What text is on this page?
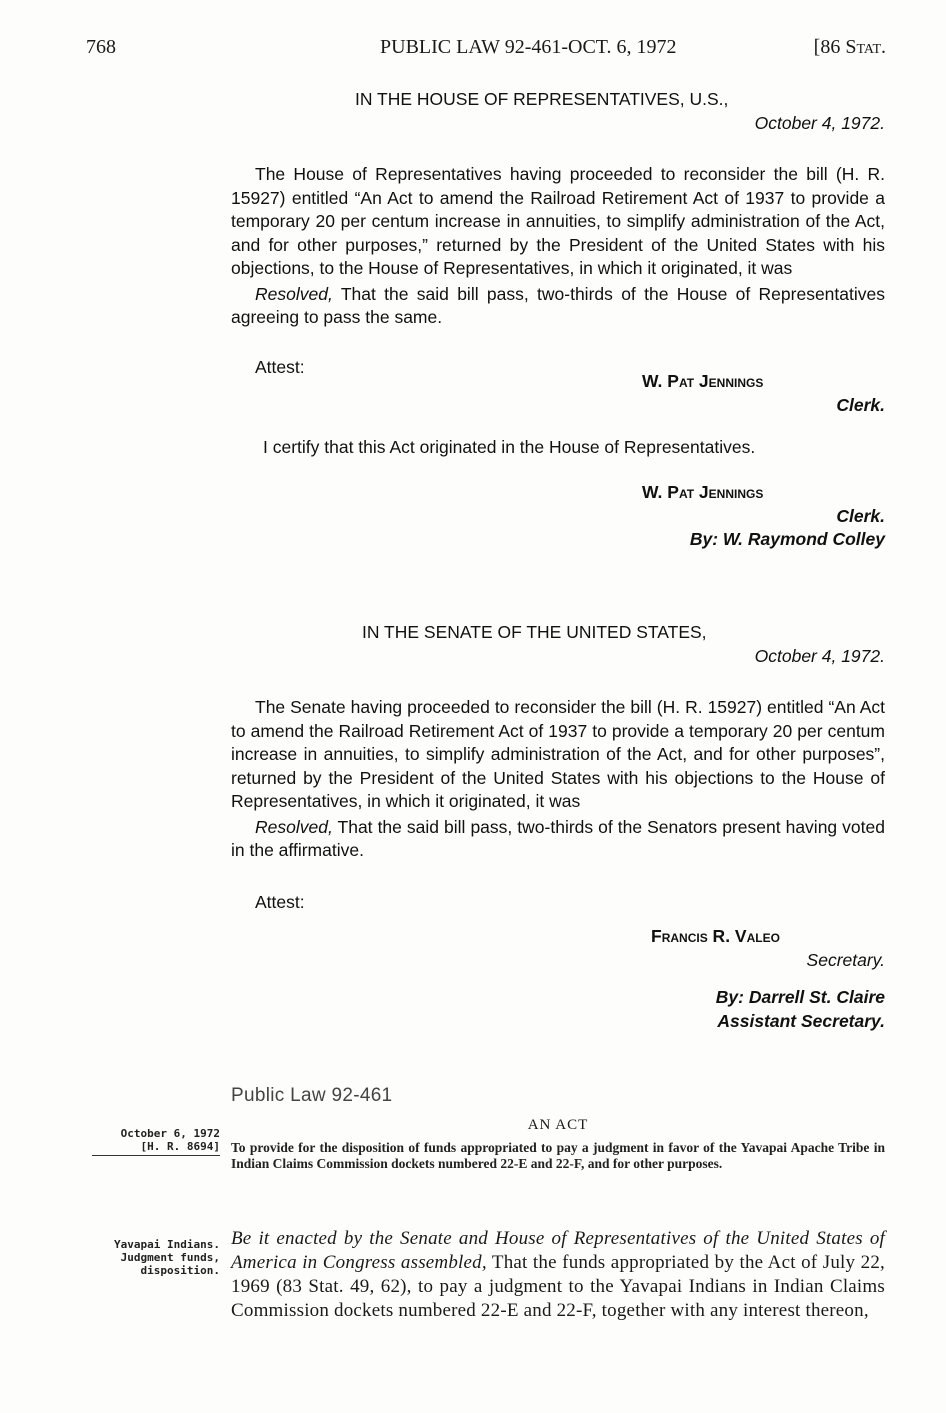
768	PUBLIC LAW 92-461-OCT. 6, 1972	[86 Stat.
IN THE HOUSE OF REPRESENTATIVES, U.S.,
October 4, 1972.

The House of Representatives having proceeded to reconsider the bill (H. R. 15927) entitled “An Act to amend the Railroad Retirement Act of 1937 to provide a temporary 20 per centum increase in annuities, to simplify administration of the Act, and for other purposes,” returned by the President of the United States with his objections, to the House of Representatives, in which it originated, it was

Resolved, That the said bill pass, two-thirds of the House of Representatives agreeing to pass the same.

Attest:
W. Pat Jennings
Clerk.
I certify that this Act originated in the House of Representatives.
W. Pat Jennings
Clerk.
By: W. Raymond Colley
IN THE SENATE OF THE UNITED STATES,
October 4, 1972.

The Senate having proceeded to reconsider the bill (H. R. 15927) entitled “An Act to amend the Railroad Retirement Act of 1937 to provide a temporary 20 per centum increase in annuities, to simplify administration of the Act, and for other purposes”, returned by the President of the United States with his objections to the House of Representatives, in which it originated, it was

Resolved, That the said bill pass, two-thirds of the Senators present having voted in the affirmative.

Attest:
Francis R. Valeo
Secretary.
By: Darrell St. Claire
Assistant Secretary.
Public Law 92-461
October 6, 1972
[H. R. 8694]
AN ACT
To provide for the disposition of funds appropriated to pay a judgment in favor of the Yavapai Apache Tribe in Indian Claims Commission dockets numbered 22-E and 22-F, and for other purposes.
Yavapai Indians.
Judgment funds,
disposition.

Be it enacted by the Senate and House of Representatives of the United States of America in Congress assembled, That the funds appropriated by the Act of July 22, 1969 (83 Stat. 49, 62), to pay a judgment to the Yavapai Indians in Indian Claims Commission dockets numbered 22-E and 22-F, together with any interest thereon,
